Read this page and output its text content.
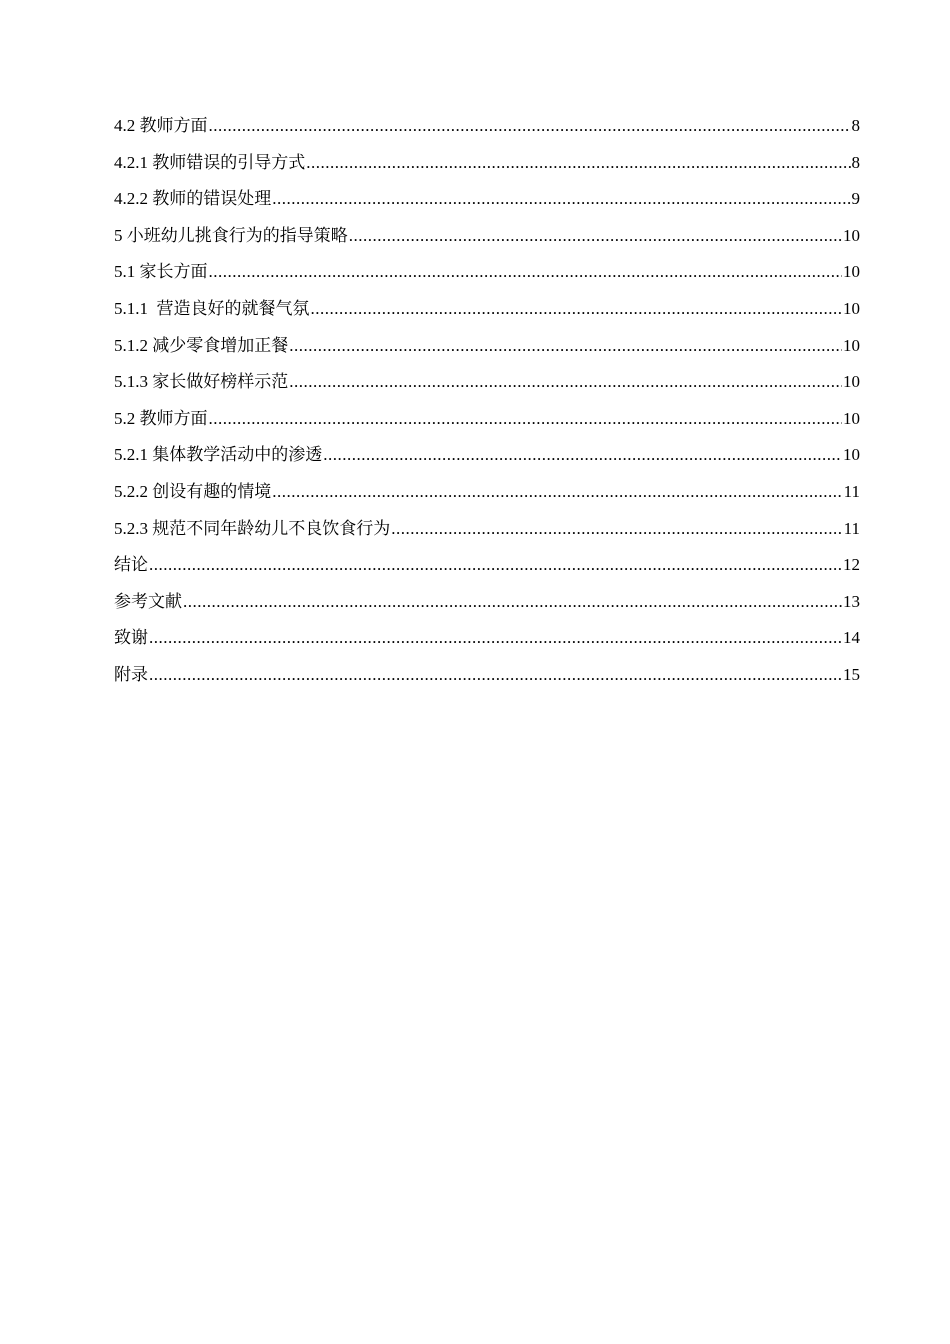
4.2 教师方面 .....	8
4.2.1 教师错误的引导方式 .....	8
4.2.2 教师的错误处理 .....	9
5 小班幼儿挑食行为的指导策略 .....	10
5.1 家长方面 .....	10
5.1.1  营造良好的就餐气氛 .....	10
5.1.2 减少零食增加正餐 .....	10
5.1.3 家长做好榜样示范 .....	10
5.2 教师方面 .....	10
5.2.1 集体教学活动中的渗透 .....	10
5.2.2 创设有趣的情境 .....	11
5.2.3 规范不同年龄幼儿不良饮食行为 .....	11
结论 .....	12
参考文献 .....	13
致谢 .....	14
附录 .....	15
